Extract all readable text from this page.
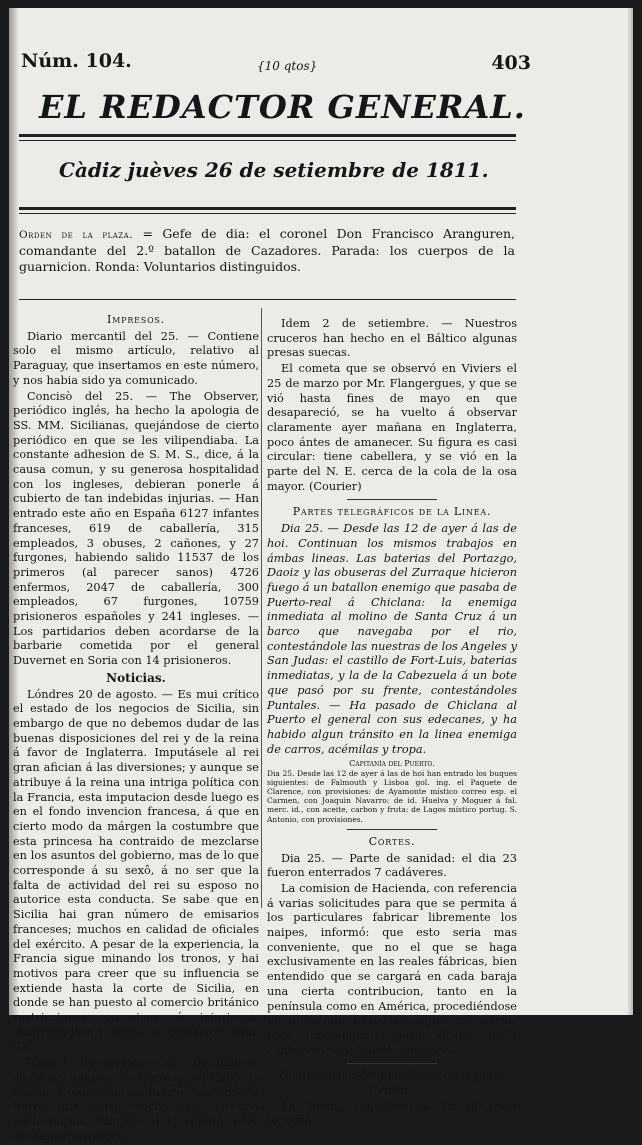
Núm. 104.	{10 qtos}	403
EL REDACTOR GENERAL.
Càdiz juèves 26 de setiembre de 1811.
Orden de la plaza. = Gefe de dia: el coronel Don Francisco Aranguren, comandante del 2.º batallon de Cazadores. Parada: los cuerpos de la guarnicion. Ronda: Voluntarios distinguidos.
Impresos.

Diario mercantil del 25. — Contiene solo el mismo artículo, relativo al Paraguay, que insertamos en este número, y nos habia sido ya comunicado.

Concisò del 25. — The Observer, periódico inglés, ha hecho la apologia de SS. MM. Sicilianas, quejándose de cierto periódico en que se les vilipendiaba. La constante adhesion de S. M. S., dice, á la causa comun, y su generosa hospitalidad con los ingleses, debieran ponerle á cubierto de tan indebidas injurias. — Han entrado este año en España 6127 infantes franceses, 619 de caballería, 315 empleados, 3 obuses, 2 cañones, y 27 furgones, habiendo salido 11537 de los primeros (al parecer sanos) 4726 enfermos, 2047 de caballería, 300 empleados, 67 furgones, 10759 prisioneros españoles y 241 ingleses. — Los partidarios deben acordarse de la barbarie cometida por el general Duvernet en Soria con 14 prisioneros.

Noticias.

Lóndres 20 de agosto. — Es mui crítico el estado de los negocios de Sicilia, sin embargo de que no debemos dudar de las buenas disposiciones del rei y de la reina á favor de Inglaterra. Imputásele al rei gran afician á las diversiones; y aunque se atribuye á la reina una intriga política con la Francia, esta imputacion desde luego es en el fondo invencion francesa, á que en cierto modo da márgen la costumbre que esta princesa ha contraido de mezclarse en los asuntos del gobierno, mas de lo que corresponde á su sexô, á no ser que la falta de actividad del rei su esposo no autorice esta conducta. Se sabe que en Sicilia hai gran número de emisarios franceses; muchos en calidad de oficiales del exército. A pesar de la experiencia, la Francia sigue minando los tronos, y hai motivos para creer que su influencia se extiende hasta la corte de Sicilia, en donde se han puesto al comercio británico restricciones opresivas é injuriosas. (Morning-Post.) Véase el Redactor núm. 93.

Idem 27 de agosto. — El 7 de junio se sintió un temblor de tierra en el Cabo de Buena Esperanza un fuerte temblor de tierra, que causó mucho daño en una parte de los edificios: el 15 repitió; pero sin causar estragos.

Idem 2 de setiembre. — Nuestros cruceros han hecho en el Báltico algunas presas suecas.

El cometa que se observó en Viviers el 25 de marzo por Mr. Flangergues, y que se vió hasta fines de mayo en que desapareció, se ha vuelto á observar claramente ayer mañana en Inglaterra, poco ántes de amanecer. Su figura es casi circular: tiene cabellera, y se vió en la parte del N. E. cerca de la cola de la osa mayor. (Courier)

Partes telegráficos de la Linea.

Dia 25. — Desde las 12 de ayer á las de hoi. Continuan los mismos trabajos en ámbas lineas. Las baterias del Portazgo, Daoiz y las obuseras del Zurraque hicieron fuego á un batallon enemigo que pasaba de Puerto-real á Chiclana: la enemiga inmediata al molino de Santa Cruz á un barco que navegaba por el rio, contestándole las nuestras de los Angeles y San Judas: el castillo de Fort-Luis, baterias inmediatas, y la de la Cabezuela á un bote que pasó por su frente, contestándoles Puntales. — Ha pasado de Chiclana al Puerto el general con sus edecanes, y ha habido algun tránsito en la linea enemiga de carros, acémilas y tropa.

Capitanía del Puerto.
Dia 25. Desde las 12 de ayer á las de hoi han entrado los buques siguientes: de Falmouth y Lisboa gol. ing. el Paquete de Clarence, con provisiones: de Ayamonte místico correo esp. el Carmen, con Joaquin Navarro: de id. Huelva y Moguer á fal. merc. id., con aceite, carbon y fruta: de Lagos místico portug. S. Antonio, con provisiones.
Cortes.

Dia 25. — Parte de sanidad: el dia 23 fueron enterrados 7 cadáveres.

La comision de Hacienda, con referencia á varias solicitudes para que se permita á los particulares fabricar libremente los naipes, informó: que esto seria mas conveniente, que no el que se haga exclusivamente en las reales fábricas, bien entendido que se cargará en cada baraja una cierta contribucion, tanto en la península como en América, procediéndose en el asunto baxo las reglas necesarias (que presentaba) para obviar toda contravencion. Quedó aprobado.

Continuacion del manifiesto de la junta Central.

La Junta, considerando la situacion topográ-
